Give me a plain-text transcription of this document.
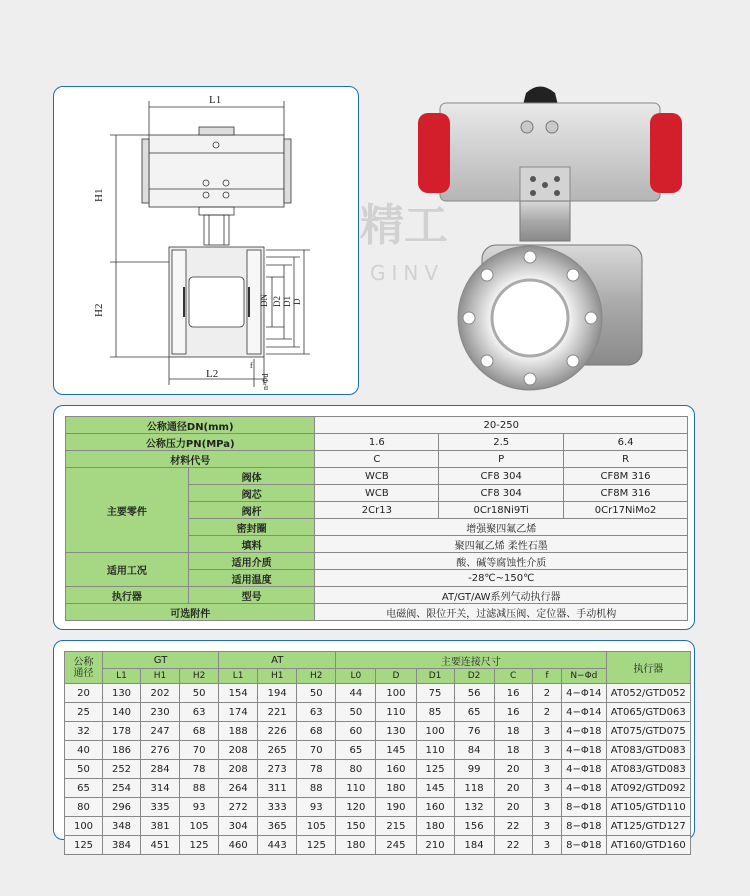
L1
H1
H2
L2
DN D2 D1 D
f
n-Φd
精工
GINV
公称通径DN(mm)		20-250		
公称压力PN(MPa)		1.6	2.5	6.4
材料代号		C	P	R
主要零件	阀体	WCB	CF8 304	CF8M 316
	阀芯	WCB	CF8 304	CF8M 316
	阀杆	2Cr13	0Cr18Ni9Ti	0Cr17NiMo2
	密封圈	增强聚四氟乙烯		
	填料	聚四氟乙烯 柔性石墨		
适用工况	适用介质	酸、碱等腐蚀性介质		
	适用温度	-28℃~150℃		
执行器	型号	AT/GT/AW系列气动执行器		
可选附件		电磁阀、限位开关，过滤减压阀、定位器、手动机构		
公称
通径	GT			AT			主要连接尺寸							执行器
	L1	H1	H2	L1	H1	H2	L0	D	D1	D2	C	f	N−Φd	
20	130	202	50	154	194	50	44	100	75	56	16	2	4−Φ14	AT052/GTD052
25	140	230	63	174	221	63	50	110	85	65	16	2	4−Φ14	AT065/GTD063
32	178	247	68	188	226	68	60	130	100	76	18	3	4−Φ18	AT075/GTD075
40	186	276	70	208	265	70	65	145	110	84	18	3	4−Φ18	AT083/GTD083
50	252	284	78	208	273	78	80	160	125	99	20	3	4−Φ18	AT083/GTD083
65	254	314	88	264	311	88	110	180	145	118	20	3	4−Φ18	AT092/GTD092
80	296	335	93	272	333	93	120	190	160	132	20	3	8−Φ18	AT105/GTD110
100	348	381	105	304	365	105	150	215	180	156	22	3	8−Φ18	AT125/GTD127
125	384	451	125	460	443	125	180	245	210	184	22	3	8−Φ18	AT160/GTD160
